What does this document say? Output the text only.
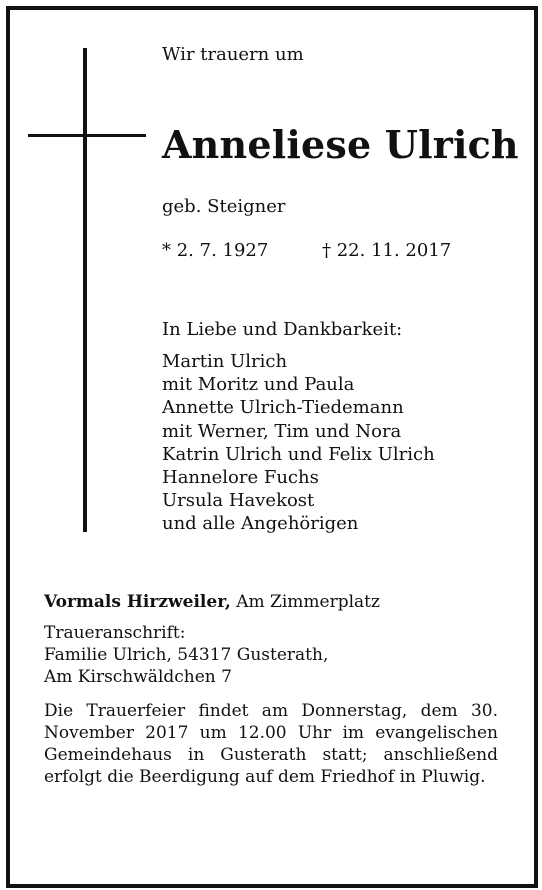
Wir trauern um
Anneliese Ulrich
geb. Steigner
* 2. 7. 1927	† 22. 11. 2017
In Liebe und Dankbarkeit:
Martin Ulrich
mit Moritz und Paula
Annette Ulrich-Tiedemann
mit Werner, Tim und Nora
Katrin Ulrich und Felix Ulrich
Hannelore Fuchs
Ursula Havekost
und alle Angehörigen
Vormals Hirzweiler, Am Zimmerplatz
Traueranschrift:
Familie Ulrich, 54317 Gusterath,
Am Kirschwäldchen 7
Die Trauerfeier findet am Donnerstag, dem 30. November 2017 um 12.00 Uhr im evangelischen Gemeindehaus in Gusterath statt; anschließend erfolgt die Beerdigung auf dem Friedhof in Pluwig.
